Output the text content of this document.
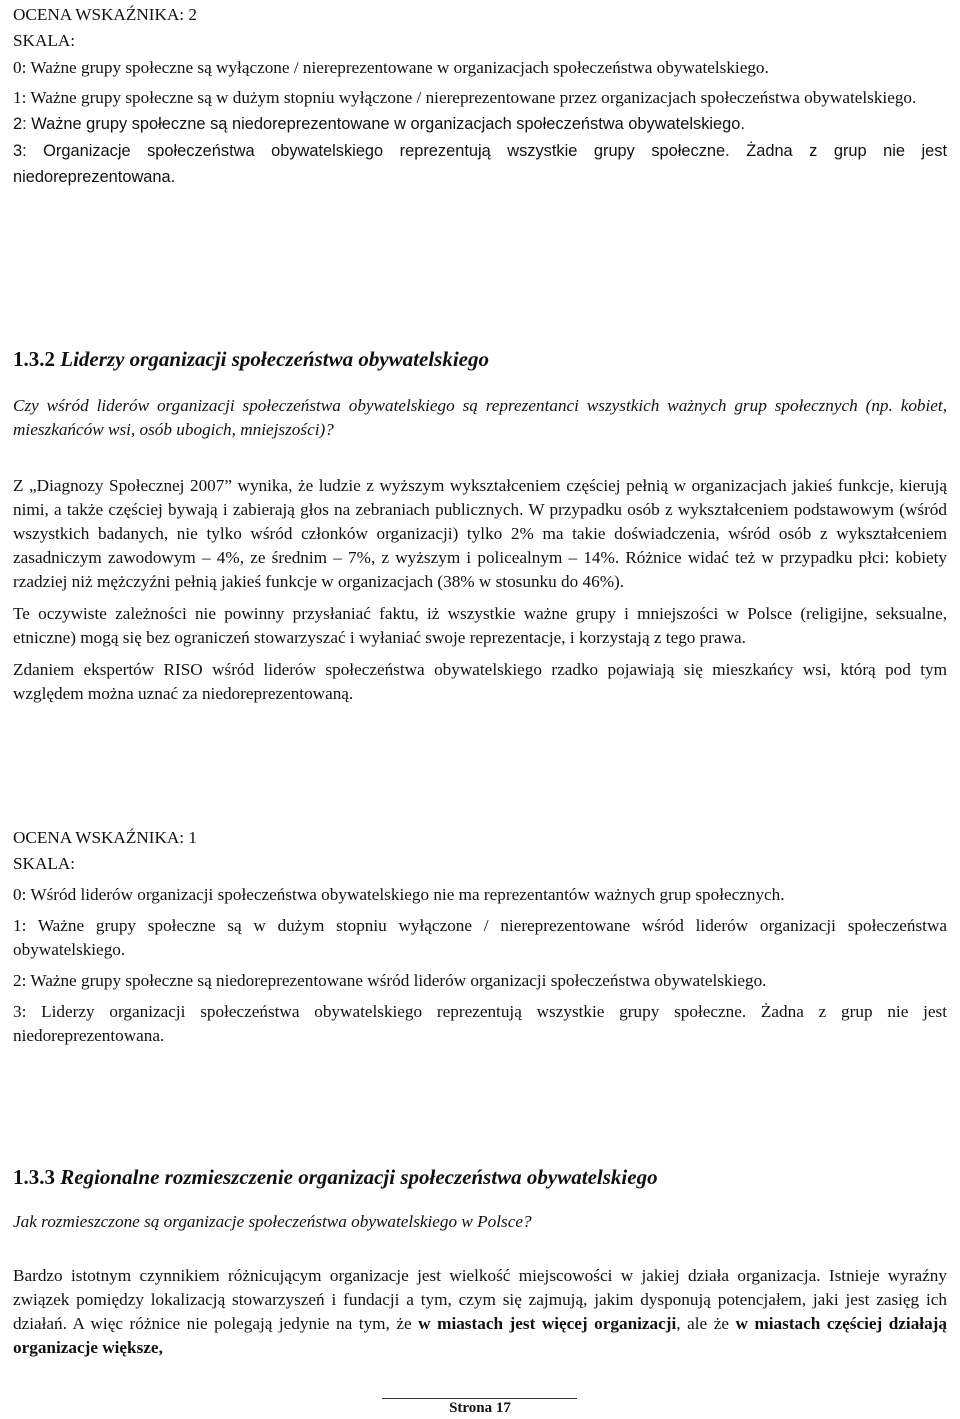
OCENA WSKAŹNIKA: 2

SKALA:

0: Ważne grupy społeczne są wyłączone / niereprezentowane w organizacjach społeczeństwa obywatelskiego.

1: Ważne grupy społeczne są w dużym stopniu wyłączone / niereprezentowane przez organizacjach społeczeństwa obywatelskiego.

2: Ważne grupy społeczne są niedoreprezentowane w organizacjach społeczeństwa obywatelskiego.

3: Organizacje społeczeństwa obywatelskiego reprezentują wszystkie grupy społeczne. Żadna z grup nie jest niedoreprezentowana.

1.3.2 Liderzy organizacji społeczeństwa obywatelskiego

Czy wśród liderów organizacji społeczeństwa obywatelskiego są reprezentanci wszystkich ważnych grup społecznych (np. kobiet, mieszkańców wsi, osób ubogich, mniejszości)?

Z „Diagnozy Społecznej 2007” wynika, że ludzie z wyższym wykształceniem częściej pełnią w organizacjach jakieś funkcje, kierują nimi, a także częściej bywają i zabierają głos na zebraniach publicznych. W przypadku osób z wykształceniem podstawowym (wśród wszystkich badanych, nie tylko wśród członków organizacji) tylko 2% ma takie doświadczenia, wśród osób z wykształceniem zasadniczym zawodowym – 4%, ze średnim – 7%, z wyższym i policealnym – 14%. Różnice widać też w przypadku płci: kobiety rzadziej niż mężczyźni pełnią jakieś funkcje w organizacjach (38% w stosunku do 46%).

Te oczywiste zależności nie powinny przysłaniać faktu, iż wszystkie ważne grupy i mniejszości w Polsce (religijne, seksualne, etniczne) mogą się bez ograniczeń stowarzyszać i wyłaniać swoje reprezentacje, i korzystają z tego prawa.

Zdaniem ekspertów RISO wśród liderów społeczeństwa obywatelskiego rzadko pojawiają się mieszkańcy wsi, którą pod tym względem można uznać za niedoreprezentowaną.

OCENA WSKAŹNIKA: 1

SKALA:

0: Wśród liderów organizacji społeczeństwa obywatelskiego nie ma reprezentantów ważnych grup społecznych.

1: Ważne grupy społeczne są w dużym stopniu wyłączone / niereprezentowane wśród liderów organizacji społeczeństwa obywatelskiego.

2: Ważne grupy społeczne są niedoreprezentowane wśród liderów organizacji społeczeństwa obywatelskiego.

3: Liderzy organizacji społeczeństwa obywatelskiego reprezentują wszystkie grupy społeczne. Żadna z grup nie jest niedoreprezentowana.

1.3.3 Regionalne rozmieszczenie organizacji społeczeństwa obywatelskiego

Jak rozmieszczone są organizacje społeczeństwa obywatelskiego w Polsce?

Bardzo istotnym czynnikiem różnicującym organizacje jest wielkość miejscowości w jakiej działa organizacja. Istnieje wyraźny związek pomiędzy lokalizacją stowarzyszeń i fundacji a tym, czym się zajmują, jakim dysponują potencjałem, jaki jest zasięg ich działań. A więc różnice nie polegają jedynie na tym, że w miastach jest więcej organizacji, ale że w miastach częściej działają organizacje większe,

Strona 17
